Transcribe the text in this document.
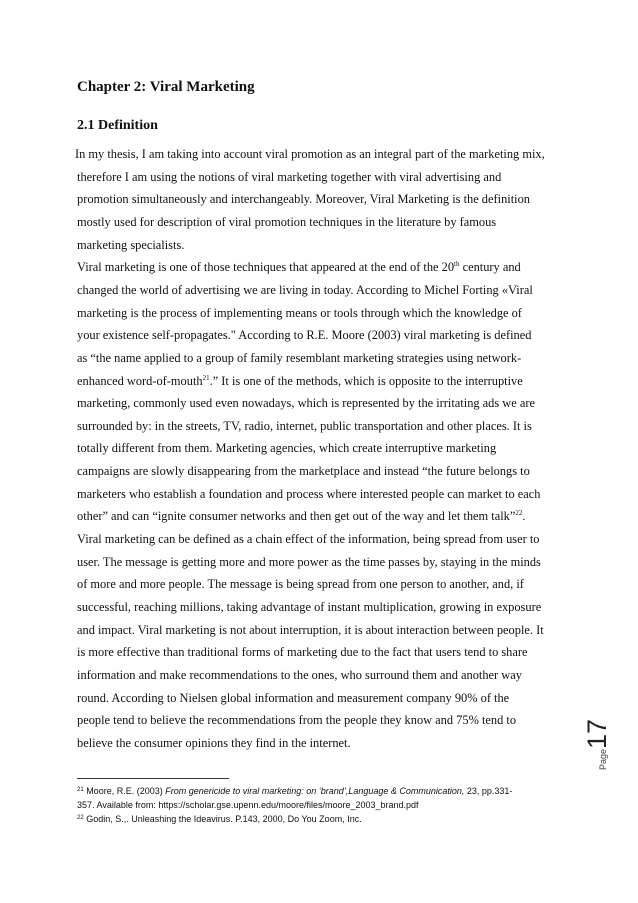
Chapter 2: Viral Marketing
2.1 Definition
In my thesis, I am taking into account viral promotion as an integral part of the marketing mix,
therefore I am using the notions of viral marketing together with viral advertising and
promotion simultaneously and interchangeably. Moreover, Viral Marketing is the definition
mostly used for description of viral promotion techniques in the literature by famous
marketing specialists.
Viral marketing is one of those techniques that appeared at the end of the 20th century and
changed the world of advertising we are living in today. According to Michel Forting «Viral
marketing is the process of implementing means or tools through which the knowledge of
your existence self-propagates." According to R.E. Moore (2003) viral marketing is defined
as “the name applied to a group of family resemblant marketing strategies using network-
enhanced word-of-mouth$^{21}$.” It is one of the methods, which is opposite to the interruptive
marketing, commonly used even nowadays, which is represented by the irritating ads we are
surrounded by: in the streets, TV, radio, internet, public transportation and other places. It is
totally different from them. Marketing agencies, which create interruptive marketing
campaigns are slowly disappearing from the marketplace and instead “the future belongs to
marketers who establish a foundation and process where interested people can market to each
other” and can “ignite consumer networks and then get out of the way and let them talk”$^{22}$.
Viral marketing can be defined as a chain effect of the information, being spread from user to
user. The message is getting more and more power as the time passes by, staying in the minds
of more and more people. The message is being spread from one person to another, and, if
successful, reaching millions, taking advantage of instant multiplication, growing in exposure
and impact. Viral marketing is not about interruption, it is about interaction between people. It
is more effective than traditional forms of marketing due to the fact that users tend to share
information and make recommendations to the ones, who surround them and another way
round. According to Nielsen global information and measurement company 90% of the
people tend to believe the recommendations from the people they know and 75% tend to
believe the consumer opinions they find in the internet.
$^{21}$ Moore, R.E. (2003) From genericide to viral marketing: on ‘brand’,Language & Communication, 23, pp.331-
357. Available from: https://scholar.gse.upenn.edu/moore/files/moore_2003_brand.pdf
$^{22}$ Godin, S.,. Unleashing the Ideavirus. P.143, 2000, Do You Zoom, Inc.
Page17
